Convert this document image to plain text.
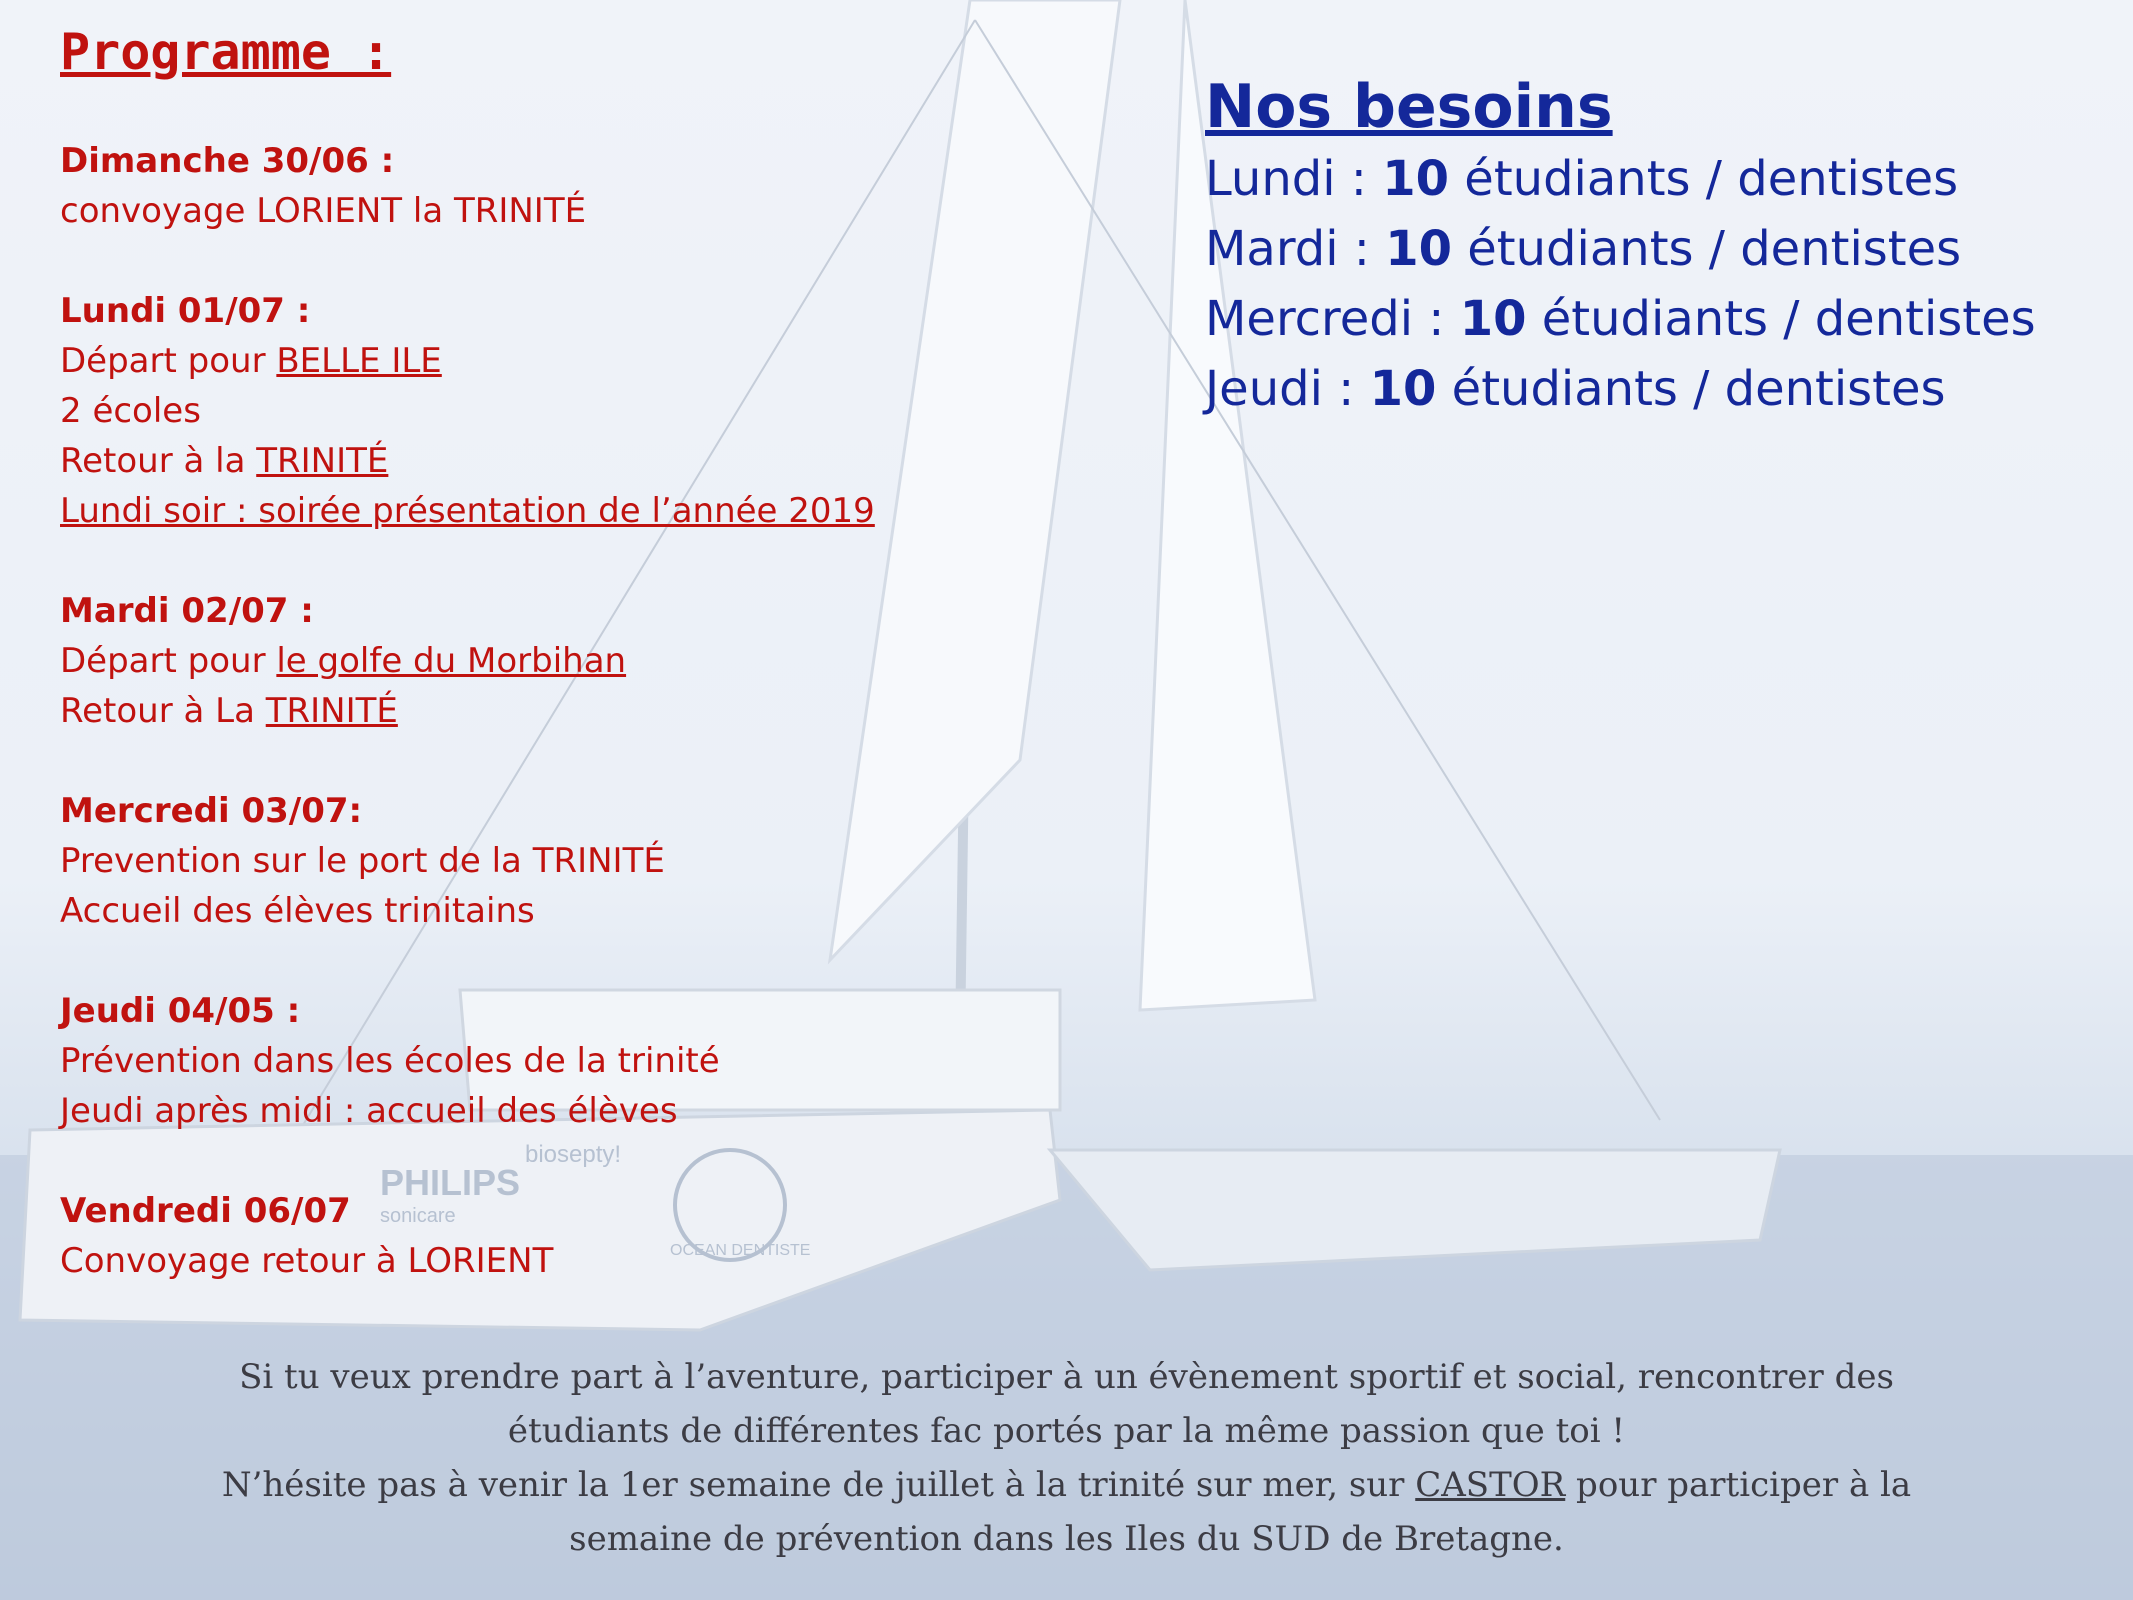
PHILIPS
sonicare
biosepty!
OCEAN DENTISTE
Programme :
Dimanche 30/06 :
convoyage LORIENT la TRINITÉ
Lundi 01/07 :
Départ pour BELLE ILE
2 écoles
Retour à la TRINITÉ
Lundi soir : soirée présentation de l’année 2019
Mardi 02/07 :
Départ pour le golfe du Morbihan
Retour à La TRINITÉ
Mercredi 03/07:
Prevention sur le port de la TRINITÉ
Accueil des élèves trinitains
Jeudi 04/05 :
Prévention dans les écoles de la trinité
Jeudi après midi : accueil des élèves
Vendredi 06/07
Convoyage retour à LORIENT
Nos besoins
Lundi : 10 étudiants / dentistes
Mardi : 10 étudiants / dentistes
Mercredi : 10 étudiants / dentistes
Jeudi : 10 étudiants / dentistes
Si tu veux prendre part à l’aventure, participer à un évènement sportif et social, rencontrer des
étudiants de différentes fac portés par la même passion que toi !
N’hésite pas à venir la 1er semaine de juillet à la trinité sur mer, sur CASTOR pour participer à la
semaine de prévention dans les Iles du SUD de Bretagne.
